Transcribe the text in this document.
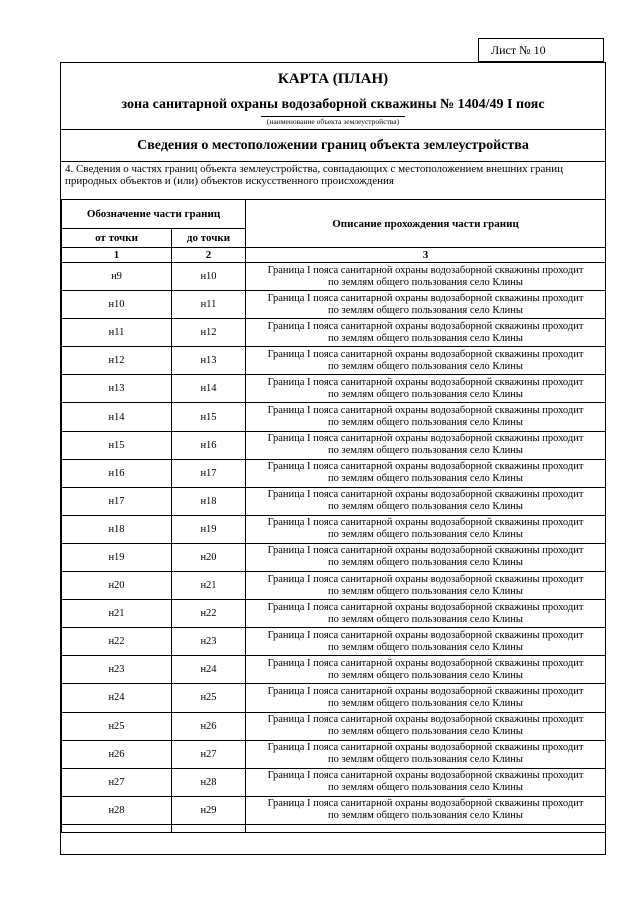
Лист № 10
КАРТА (ПЛАН)
зона санитарной охраны водозаборной скважины № 1404/49 I пояс
(наименование объекта землеустройства)
Сведения о местоположении границ объекта землеустройства
4. Сведения о частях границ объекта землеустройства, совпадающих с местоположением внешних границ природных объектов и (или) объектов искусственного происхождения
Обозначение части границ		Описание прохождения части границ
от точки	до точки	
1	2	3
н9	н10	Граница I пояса санитарной охраны водозаборной скважины проходит
по землям общего пользования село Клины

н10	н11	Граница I пояса санитарной охраны водозаборной скважины проходит
по землям общего пользования село Клины

н11	н12	Граница I пояса санитарной охраны водозаборной скважины проходит
по землям общего пользования село Клины

н12	н13	Граница I пояса санитарной охраны водозаборной скважины проходит
по землям общего пользования село Клины

н13	н14	Граница I пояса санитарной охраны водозаборной скважины проходит
по землям общего пользования село Клины

н14	н15	Граница I пояса санитарной охраны водозаборной скважины проходит
по землям общего пользования село Клины

н15	н16	Граница I пояса санитарной охраны водозаборной скважины проходит
по землям общего пользования село Клины

н16	н17	Граница I пояса санитарной охраны водозаборной скважины проходит
по землям общего пользования село Клины

н17	н18	Граница I пояса санитарной охраны водозаборной скважины проходит
по землям общего пользования село Клины

н18	н19	Граница I пояса санитарной охраны водозаборной скважины проходит
по землям общего пользования село Клины

н19	н20	Граница I пояса санитарной охраны водозаборной скважины проходит
по землям общего пользования село Клины

н20	н21	Граница I пояса санитарной охраны водозаборной скважины проходит
по землям общего пользования село Клины

н21	н22	Граница I пояса санитарной охраны водозаборной скважины проходит
по землям общего пользования село Клины

н22	н23	Граница I пояса санитарной охраны водозаборной скважины проходит
по землям общего пользования село Клины

н23	н24	Граница I пояса санитарной охраны водозаборной скважины проходит
по землям общего пользования село Клины

н24	н25	Граница I пояса санитарной охраны водозаборной скважины проходит
по землям общего пользования село Клины

н25	н26	Граница I пояса санитарной охраны водозаборной скважины проходит
по землям общего пользования село Клины

н26	н27	Граница I пояса санитарной охраны водозаборной скважины проходит
по землям общего пользования село Клины

н27	н28	Граница I пояса санитарной охраны водозаборной скважины проходит
по землям общего пользования село Клины

н28	н29	Граница I пояса санитарной охраны водозаборной скважины проходит
по землям общего пользования село Клины
